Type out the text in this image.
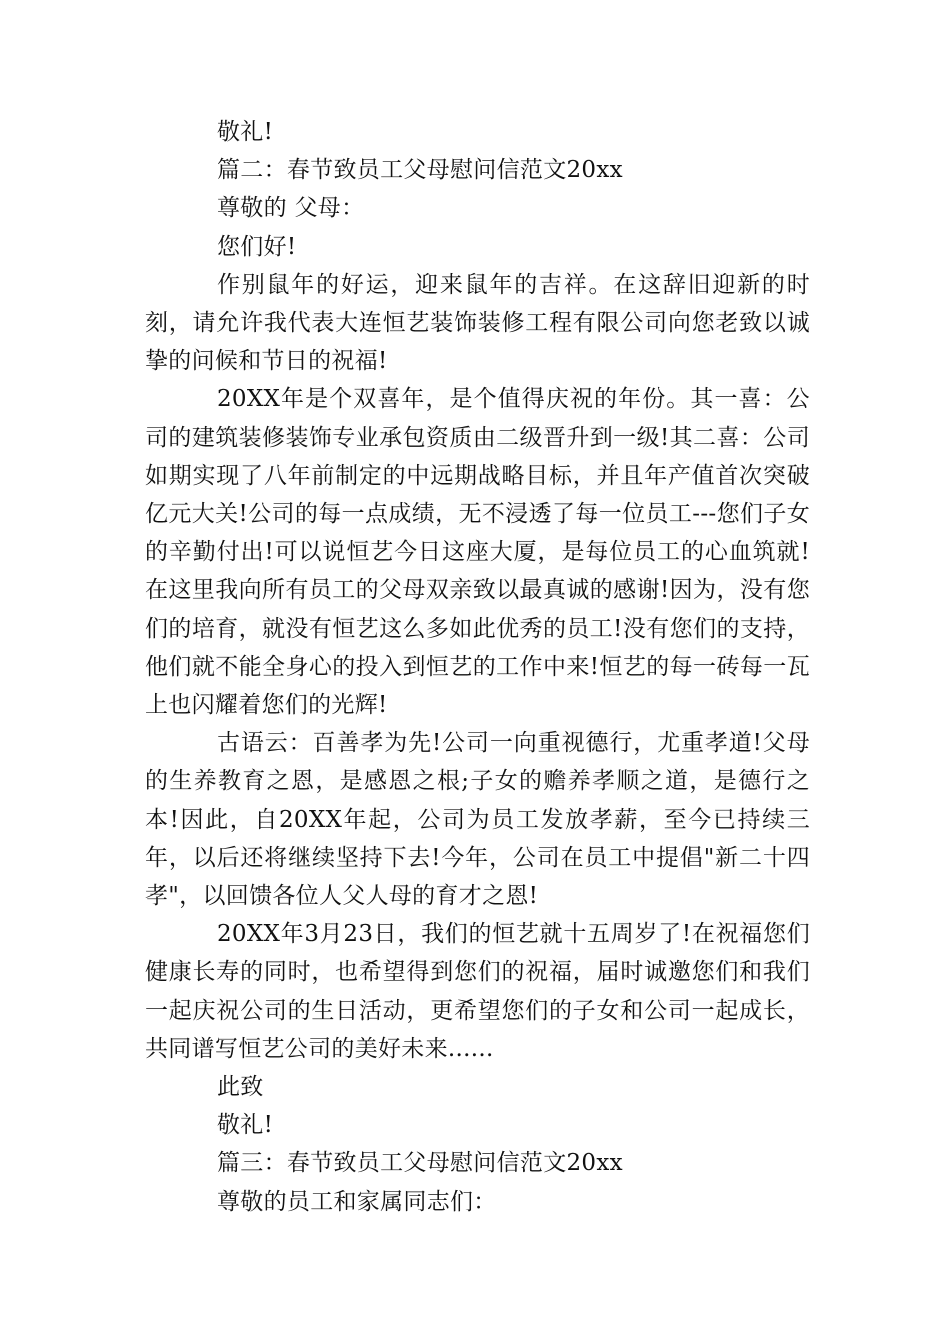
敬礼!

篇二：春节致员工父母慰问信范文20xx

尊敬的 父母：

您们好!

作别鼠年的好运，迎来鼠年的吉祥。在这辞旧迎新的时刻，请允许我代表大连恒艺装饰装修工程有限公司向您老致以诚挚的问候和节日的祝福!

20XX年是个双喜年，是个值得庆祝的年份。其一喜：公司的建筑装修装饰专业承包资质由二级晋升到一级!其二喜：公司如期实现了八年前制定的中远期战略目标，并且年产值首次突破亿元大关!公司的每一点成绩，无不浸透了每一位员工---您们子女的辛勤付出!可以说恒艺今日这座大厦，是每位员工的心血筑就!在这里我向所有员工的父母双亲致以最真诚的感谢!因为，没有您们的培育，就没有恒艺这么多如此优秀的员工!没有您们的支持，他们就不能全身心的投入到恒艺的工作中来!恒艺的每一砖每一瓦上也闪耀着您们的光辉!

古语云：百善孝为先!公司一向重视德行，尤重孝道!父母的生养教育之恩，是感恩之根;子女的赡养孝顺之道，是德行之本!因此，自20XX年起，公司为员工发放孝薪，至今已持续三年，以后还将继续坚持下去!今年，公司在员工中提倡"新二十四孝"，以回馈各位人父人母的育才之恩!

20XX年3月23日，我们的恒艺就十五周岁了!在祝福您们健康长寿的同时，也希望得到您们的祝福，届时诚邀您们和我们一起庆祝公司的生日活动，更希望您们的子女和公司一起成长，共同谱写恒艺公司的美好未来......

此致

敬礼!

篇三：春节致员工父母慰问信范文20xx

尊敬的员工和家属同志们：
